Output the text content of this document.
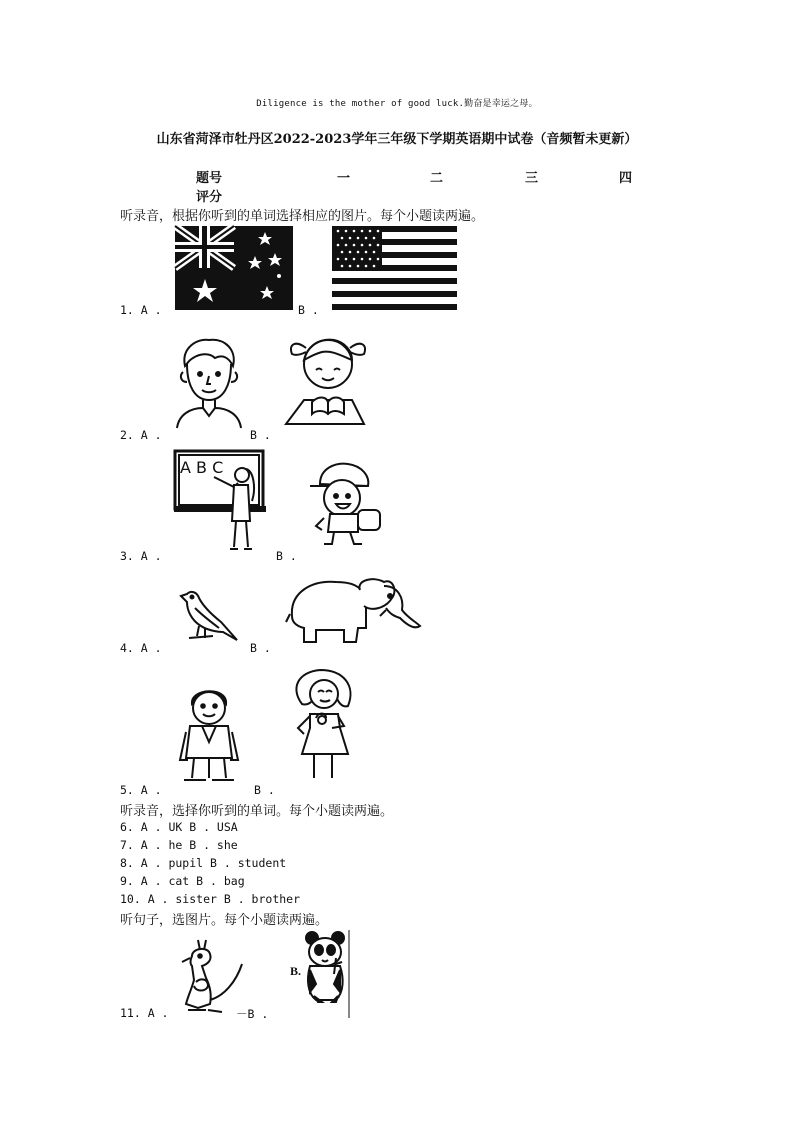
Diligence is the mother of good luck.勤奋是幸运之母。
山东省菏泽市牡丹区2022-2023学年三年级下学期英语期中试卷（音频暂未更新）
题号	一	二	三	四
评分
听录音，根据你听到的单词选择相应的图片。每个小题读两遍。
1. A .	B .
2. A .	B .
A B C
3. A .	B .
4. A .	B .
5. A .	B .
听录音，选择你听到的单词。每个小题读两遍。
6. A . UK B . USA
7. A . he B . she
8. A . pupil B . student
9. A . cat B . bag
10. A . sister B . brother
听句子，选图片。每个小题读两遍。
B.
11. A .	－B .
